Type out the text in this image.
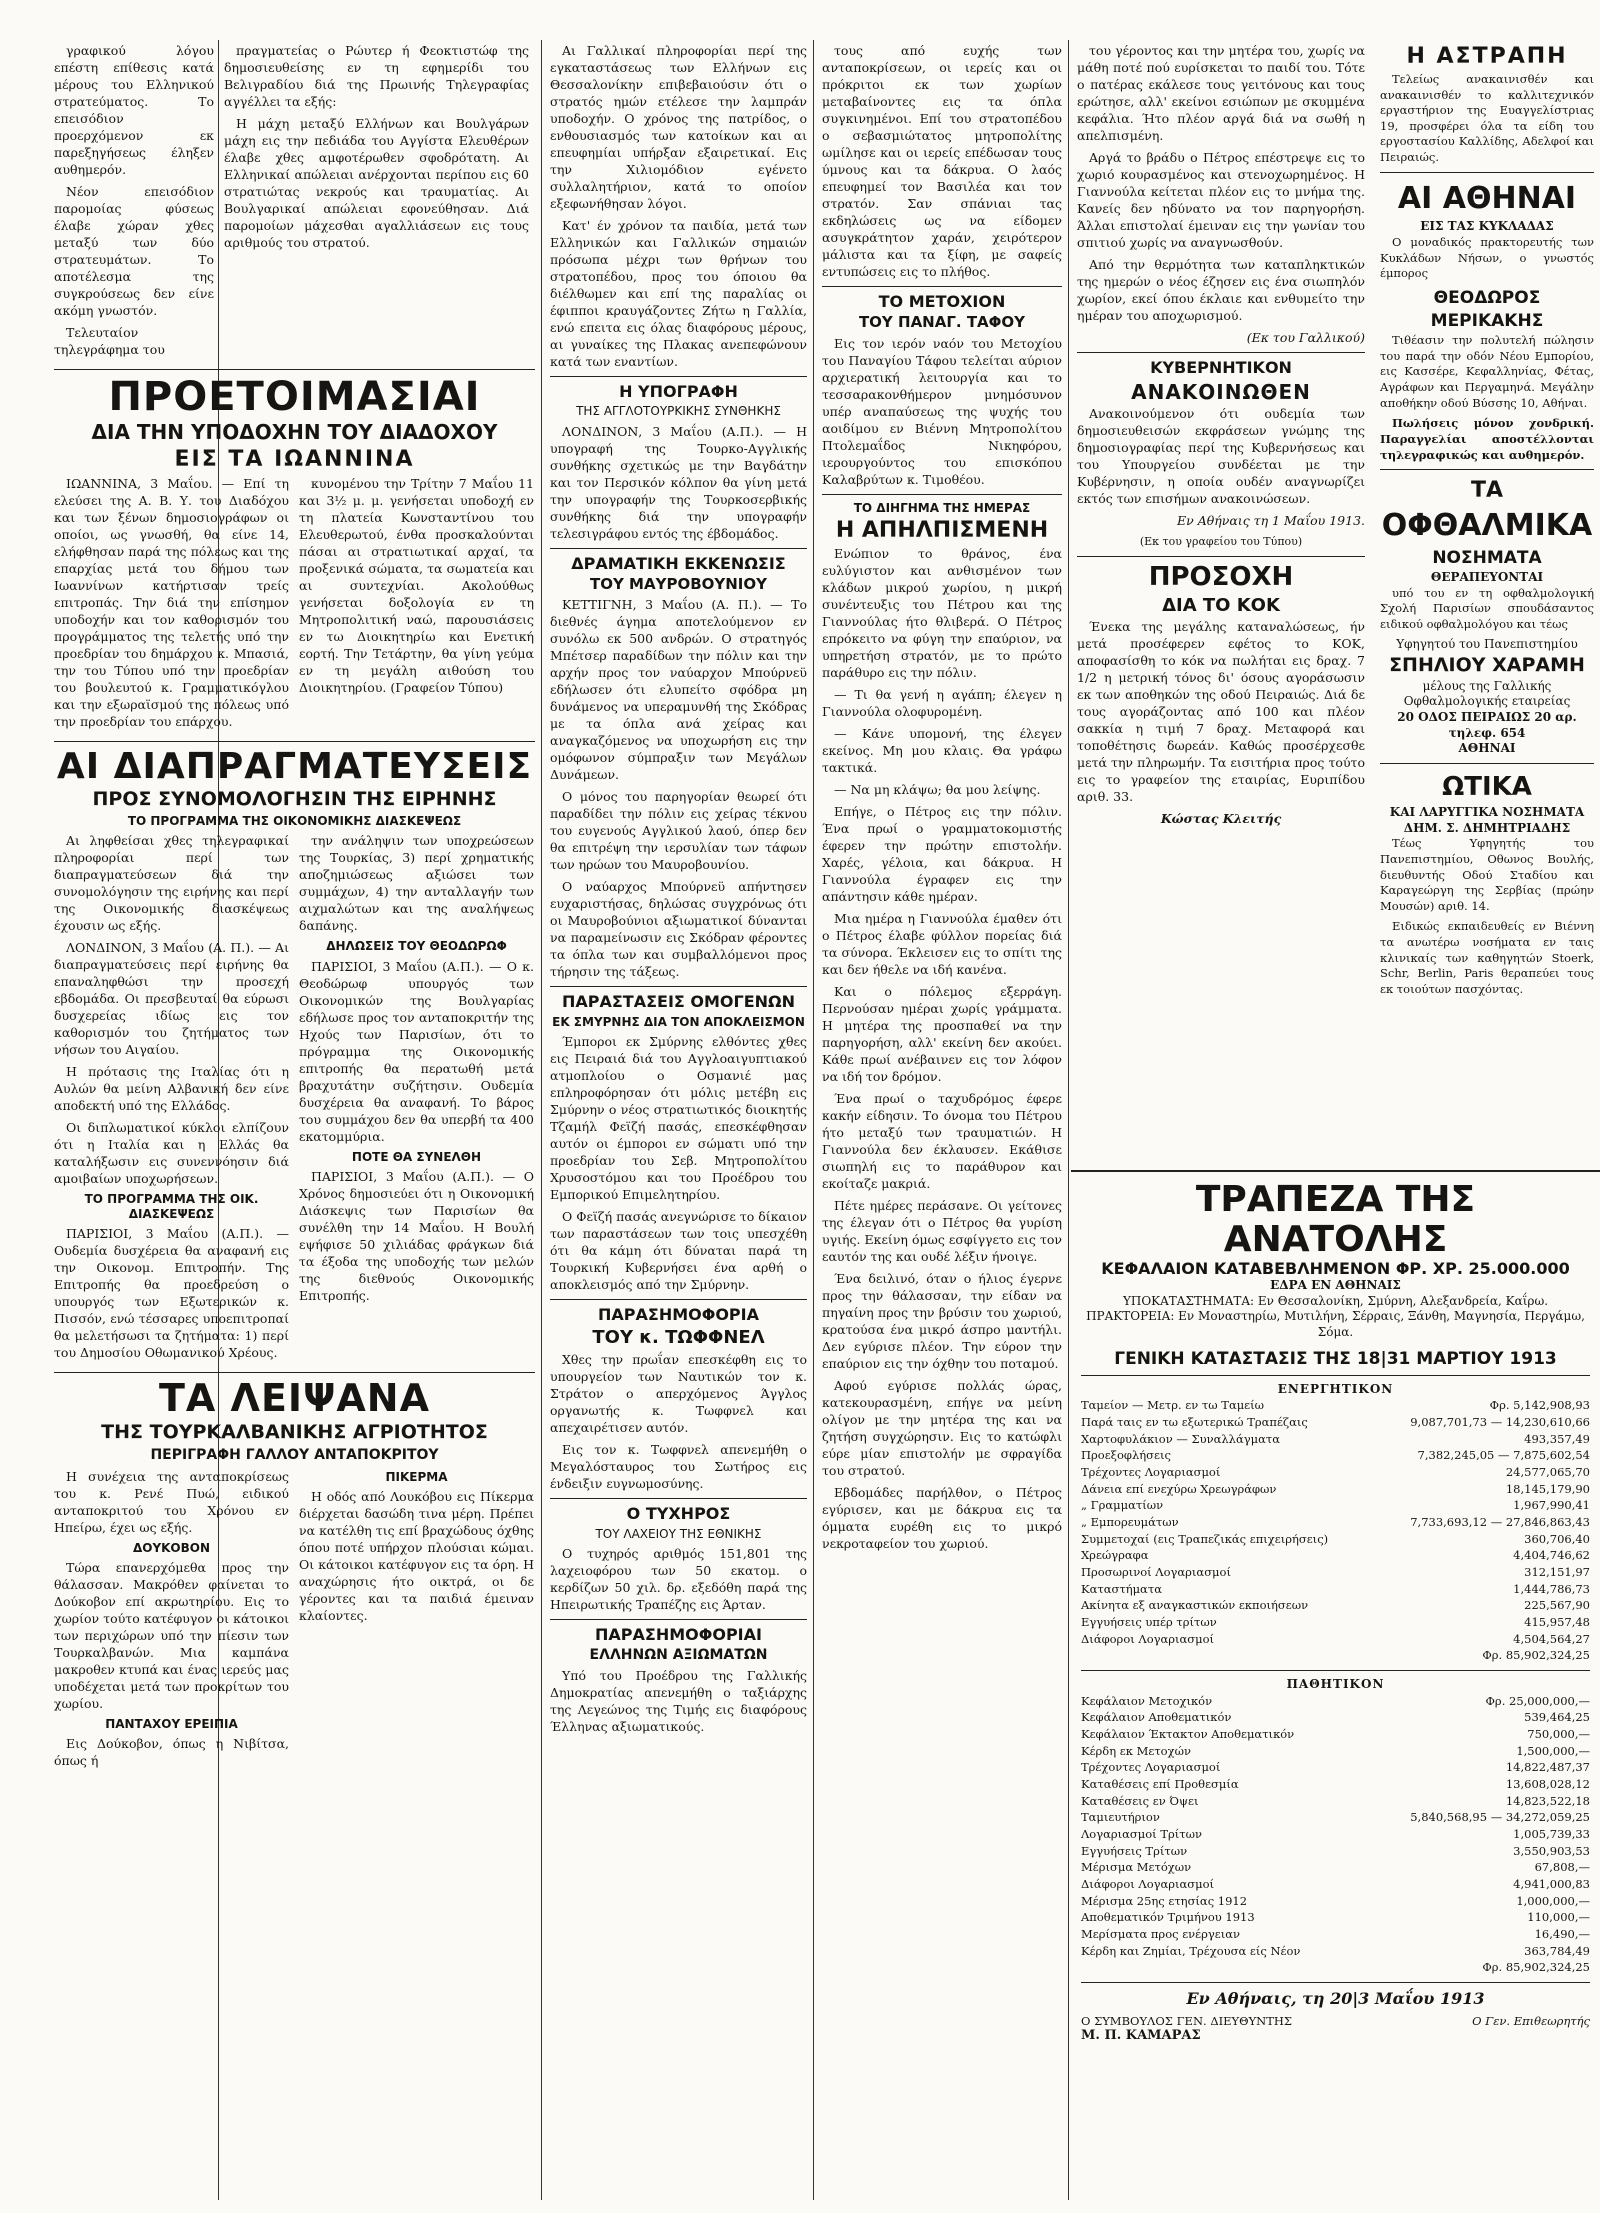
γραφικού λόγου επέστη επίθεσις κατά μέρους του Ελληνικού στρατεύματος. Το επεισόδιον προερχόμενον εκ παρεξηγήσεως έληξεν αυθημερόν.

Νέον επεισόδιον παρομοίας φύσεως έλαβε χώραν χθες μεταξύ των δύο στρατευμάτων. Το αποτέλεσμα της συγκρούσεως δεν είνε ακόμη γνωστόν.

Τελευταίον τηλεγράφημα του

πραγματείας ο Ρώυτερ ή Φεοκτιστώφ της δημοσιευθείσης εν τη εφημερίδι του Βελιγραδίου διά της Πρωινής Τηλεγραφίας αγγέλλει τα εξής:

Η μάχη μεταξύ Ελλήνων και Βουλγάρων μάχη εις την πεδιάδα του Αγγίστα Ελευθέρων έλαβε χθες αμφοτέρωθεν σφοδρότατη. Αι Ελληνικαί απώλειαι ανέρχονται περίπου εις 60 στρατιώτας νεκρούς και τραυματίας. Αι Βουλγαρικαί απώλειαι εφονεύθησαν. Διά παρομοίων μάχεσθαι αγαλλιάσεων εις τους αριθμούς του στρατού.

ΠΡΟΕΤΟΙΜΑΣΙΑΙ
ΔΙΑ ΤΗΝ ΥΠΟΔΟΧΗΝ ΤΟΥ ΔΙΑΔΟΧΟΥ
ΕΙΣ ΤΑ ΙΩΑΝΝΙΝΑ

ΙΩΑΝΝΙΝΑ, 3 Μαΐου. — Επί τη ελεύσει της Α. Β. Υ. του Διαδόχου και των ξένων δημοσιογράφων οι οποίοι, ως γνωσθή, θα είνε 14, ελήφθησαν παρά της πόλεως και της επαρχίας μετά του δήμου των Ιωαννίνων κατήρτισαν τρείς επιτροπάς. Την διά την επίσημον υποδοχήν και τον καθορισμόν του προγράμματος της τελετής υπό την προεδρίαν του δημάρχου κ. Μπασιά, την του Τύπου υπό την προεδρίαν του βουλευτού κ. Γραμματικόγλου και την εξωραϊσμού της πόλεως υπό την προεδρίαν του επάρχου.

κυνομένου την Τρίτην 7 Μαΐου 11 και 3½ μ. μ. γενήσεται υποδοχή εν τη πλατεία Κωνσταντίνου του Ελευθερωτού, ένθα προσκαλούνται πάσαι αι στρατιωτικαί αρχαί, τα προξενικά σώματα, τα σωματεία και αι συντεχνίαι. Ακολούθως γενήσεται δοξολογία εν τη Μητροπολιτική ναώ, παρουσιάσεις εν τω Διοικητηρίω και Ενετική εορτή. Την Τετάρτην, θα γίνη γεύμα εν τη μεγάλη αιθούση του Διοικητηρίου. (Γραφείον Τύπου)

ΑΙ ΔΙΑΠΡΑΓΜΑΤΕΥΣΕΙΣ
ΠΡΟΣ ΣΥΝΟΜΟΛΟΓΗΣΙΝ ΤΗΣ ΕΙΡΗΝΗΣ
ΤΟ ΠΡΟΓΡΑΜΜΑ ΤΗΣ ΟΙΚΟΝΟΜΙΚΗΣ ΔΙΑΣΚΕΨΕΩΣ

Αι ληφθείσαι χθες τηλεγραφικαί πληροφορίαι περί των διαπραγματεύσεων διά την συνομολόγησιν της ειρήνης και περί της Οικονομικής διασκέψεως έχουσιν ως εξής.

ΛΟΝΔΙΝΟΝ, 3 Μαΐου (Α. Π.). — Αι διαπραγματεύσεις περί ειρήνης θα επαναληφθώσι την προσεχή εβδομάδα. Οι πρεσβευταί θα εύρωσι δυσχερείας ιδίως εις τον καθορισμόν του ζητήματος των νήσων του Αιγαίου.

Η πρότασις της Ιταλίας ότι η Αυλών θα μείνη Αλβανική δεν είνε αποδεκτή υπό της Ελλάδος.

Οι διπλωματικοί κύκλοι ελπίζουν ότι η Ιταλία και η Ελλάς θα καταλήξωσιν εις συνεννόησιν διά αμοιβαίων υποχωρήσεων.

ΤΟ ΠΡΟΓΡΑΜΜΑ ΤΗΣ ΟΙΚ. ΔΙΑΣΚΕΨΕΩΣ

ΠΑΡΙΣΙΟΙ, 3 Μαΐου (Α.Π.). — Ουδεμία δυσχέρεια θα αναφανή εις την Οικονομ. Επιτροπήν. Της Επιτροπής θα προεδρεύση ο υπουργός των Εξωτερικών κ. Πισσόν, ενώ τέσσαρες υποεπιτροπαί θα μελετήσωσι τα ζητήματα: 1) περί του Δημοσίου Οθωμανικού Χρέους.

την ανάληψιν των υποχρεώσεων της Τουρκίας, 3) περί χρηματικής αποζημιώσεως αξιώσει των συμμάχων, 4) την ανταλλαγήν των αιχμαλώτων και της αναλήψεως δαπάνης.

ΔΗΛΩΣΕΙΣ ΤΟΥ ΘΕΟΔΩΡΩΦ

ΠΑΡΙΣΙΟΙ, 3 Μαΐου (Α.Π.). — Ο κ. Θεοδώρωφ υπουργός των Οικονομικών της Βουλγαρίας εδήλωσε προς τον ανταποκριτήν της Ηχούς των Παρισίων, ότι το πρόγραμμα της Οικονομικής επιτροπής θα περατωθή μετά βραχυτάτην συζήτησιν. Ουδεμία δυσχέρεια θα αναφανή. Το βάρος του συμμάχου δεν θα υπερβή τα 400 εκατομμύρια.

ΠΟΤΕ ΘΑ ΣΥΝΕΛΘΗ

ΠΑΡΙΣΙΟΙ, 3 Μαΐου (Α.Π.). — Ο Χρόνος δημοσιεύει ότι η Οικονομική Διάσκεψις των Παρισίων θα συνέλθη την 14 Μαΐου. Η Βουλή εψήφισε 50 χιλιάδας φράγκων διά τα έξοδα της υποδοχής των μελών της διεθνούς Οικονομικής Επιτροπής.

ΤΑ ΛΕΙΨΑΝΑ
ΤΗΣ ΤΟΥΡΚΑΛΒΑΝΙΚΗΣ ΑΓΡΙΟΤΗΤΟΣ
ΠΕΡΙΓΡΑΦΗ ΓΑΛΛΟΥ ΑΝΤΑΠΟΚΡΙΤΟΥ

Η συνέχεια της ανταποκρίσεως του κ. Ρενέ Πυώ, ειδικού ανταποκριτού του Χρόνου εν Ηπείρω, έχει ως εξής.

ΔΟΥΚΟΒΟΝ

Τώρα επανερχόμεθα προς την θάλασσαν. Μακρόθεν φαίνεται το Δούκοβον επί ακρωτηρίου. Εις το χωρίον τούτο κατέφυγον οι κάτοικοι των περιχώρων υπό την πίεσιν των Τουρκαλβανών. Μια καμπάνα μακροθεν κτυπά και ένας ιερεύς μας υποδέχεται μετά των προκρίτων του χωρίου.

ΠΑΝΤΑΧΟΥ ΕΡΕΙΠΙΑ

Εις Δούκοβον, όπως η Νιβίτσα, όπως ή

ΠΙΚΕΡΜΑ

Η οδός από Λουκόβου εις Πίκερμα διέρχεται δασώδη τινα μέρη. Πρέπει να κατέλθη τις επί βραχώδους όχθης όπου ποτέ υπήρχον πλούσιαι κώμαι. Οι κάτοικοι κατέφυγον εις τα όρη. Η αναχώρησις ήτο οικτρά, οι δε γέροντες και τα παιδιά έμειναν κλαίοντες.

Αι Γαλλικαί πληροφορίαι περί της εγκαταστάσεως των Ελλήνων εις Θεσσαλονίκην επιβεβαιούσιν ότι ο στρατός ημών ετέλεσε την λαμπράν υποδοχήν. Ο χρόνος της πατρίδος, ο ενθουσιασμός των κατοίκων και αι επευφημίαι υπήρξαν εξαιρετικαί. Εις την Χιλιομόδιον εγένετο συλλαλητήριον, κατά το οποίον εξεφωνήθησαν λόγοι.

Κατ' έν χρόνον τα παιδία, μετά των Ελληνικών και Γαλλικών σημαιών πρόσωπα μέχρι των θρήνων του στρατοπέδου, προς του όποιου θα διέλθωμεν και επί της παραλίας οι έφιπποι κραυγάζοντες Ζήτω η Γαλλία, ενώ επειτα εις όλας διαφόρους μέρους, αι γυναίκες της Πλακας ανεπεφώνουν κατά των εναντίων.

Η ΥΠΟΓΡΑΦΗ
ΤΗΣ ΑΓΓΛΟΤΟΥΡΚΙΚΗΣ ΣΥΝΘΗΚΗΣ

ΛΟΝΔΙΝΟΝ, 3 Μαΐου (Α.Π.). — Η υπογραφή της Τουρκο-Αγγλικής συνθήκης σχετικώς με την Βαγδάτην και τον Περσικόν κόλπον θα γίνη μετά την υπογραφήν της Τουρκοσερβικής συνθήκης διά την υπογραφήν τελεσιγράφου εντός της έβδομάδος.

ΔΡΑΜΑΤΙΚΗ ΕΚΚΕΝΩΣΙΣ
ΤΟΥ ΜΑΥΡΟΒΟΥΝΙΟΥ

ΚΕΤΤΙΓΝΗ, 3 Μαΐου (Α. Π.). — Το διεθνές άγημα αποτελούμενον εν συνόλω εκ 500 ανδρών. Ο στρατηγός Μπέτσερ παραδίδων την πόλιν και την αρχήν προς τον ναύαρχον Μπούρνεϋ εδήλωσεν ότι ελυπείτο σφόδρα μη δυνάμενος να υπεραμυνθή της Σκόδρας με τα όπλα ανά χείρας και αναγκαζόμενος να υποχωρήση εις την ομόφωνον σύμπραξιν των Μεγάλων Δυνάμεων.

Ο μόνος του παρηγορίαν θεωρεί ότι παραδίδει την πόλιν εις χείρας τέκνου του ευγενούς Αγγλικού λαού, όπερ δεν θα επιτρέψη την ιερσυλίαν των τάφων των ηρώων του Μαυροβουνίου.

Ο ναύαρχος Μπούρνεϋ απήντησεν ευχαριστήσας, δηλώσας συγχρόνως ότι οι Μαυροβούνιοι αξιωματικοί δύνανται να παραμείνωσιν εις Σκόδραν φέροντες τα όπλα των και συμβαλλόμενοι προς τήρησιν της τάξεως.

ΠΑΡΑΣΤΑΣΕΙΣ ΟΜΟΓΕΝΩΝ
ΕΚ ΣΜΥΡΝΗΣ ΔΙΑ ΤΟΝ ΑΠΟΚΛΕΙΣΜΟΝ

Έμποροι εκ Σμύρνης ελθόντες χθες εις Πειραιά διά του Αγγλοαιγυπτιακού ατμοπλοίου ο Οσμανιέ μας επληροφόρησαν ότι μόλις μετέβη εις Σμύρνην ο νέος στρατιωτικός διοικητής Τζαμήλ Φεϊζή πασάς, επεσκέφθησαν αυτόν οι έμποροι εν σώματι υπό την προεδρίαν του Σεβ. Μητροπολίτου Χρυσοστόμου και του Προέδρου του Εμπορικού Επιμελητηρίου.

Ο Φεϊζή πασάς ανεγνώρισε το δίκαιον των παραστάσεων των τοις υπεσχέθη ότι θα κάμη ότι δύναται παρά τη Τουρκική Κυβερνήσει ένα αρθή ο αποκλεισμός από την Σμύρνην.

ΠΑΡΑΣΗΜΟΦΟΡΙΑ
ΤΟΥ κ. ΤΩΦΦΝΕΛ

Χθες την πρωΐαν επεσκέφθη εις το υπουργείον των Ναυτικών τον κ. Στράτον ο απερχόμενος Άγγλος οργανωτής κ. Τωφφνελ και απεχαιρέτισεν αυτόν.

Εις τον κ. Τωφφνελ απενεμήθη ο Μεγαλόσταυρος του Σωτήρος εις ένδειξιν ευγνωμοσύνης.

Ο ΤΥΧΗΡΟΣ
ΤΟΥ ΛΑΧΕΙΟΥ ΤΗΣ ΕΘΝΙΚΗΣ

Ο τυχηρός αριθμός 151,801 της λαχειοφόρου των 50 εκατομ. ο κερδίζων 50 χιλ. δρ. εξεδόθη παρά της Ηπειρωτικής Τραπέζης εις Άρταν.

ΠΑΡΑΣΗΜΟΦΟΡΙΑΙ
ΕΛΛΗΝΩΝ ΑΞΙΩΜΑΤΩΝ

Υπό του Προέδρου της Γαλλικής Δημοκρατίας απενεμήθη ο ταξιάρχης της Λεγεώνος της Τιμής εις διαφόρους Έλληνας αξιωματικούς.

τους από ευχής των ανταποκρίσεων, οι ιερείς και οι πρόκριτοι εκ των χωρίων μεταβαίνοντες εις τα όπλα συγκινημένοι. Επί του στρατοπέδου ο σεβασμιώτατος μητροπολίτης ωμίλησε και οι ιερείς επέδωσαν τους ύμνους και τα δάκρυα. Ο λαός επευφημεί τον Βασιλέα και τον στρατόν. Σαν σπάνιαι τας εκδηλώσεις ως να είδομεν ασυγκράτητον χαράν, χειρότερον μάλιστα και τα ξίφη, με σαφείς εντυπώσεις εις το πλήθος.

ΤΟ ΜΕΤΟΧΙΟΝ
ΤΟΥ ΠΑΝΑΓ. ΤΑΦΟΥ

Εις τον ιερόν ναόν του Μετοχίου του Παναγίου Τάφου τελείται αύριον αρχιερατική λειτουργία και το τεσσαρακονθήμερον μνημόσυνον υπέρ αναπαύσεως της ψυχής του αοιδίμου εν Βιέννη Μητροπολίτου Πτολεμαΐδος Νικηφόρου, ιερουργούντος του επισκόπου Καλαβρύτων κ. Τιμοθέου.

ΤΟ ΔΙΗΓΗΜΑ ΤΗΣ ΗΜΕΡΑΣ
Η ΑΠΗΛΠΙΣΜΕΝΗ

Ενώπιον το θράνος, ένα ευλύγιστον και ανθισμένον των κλάδων μικρού χωρίου, η μικρή συνέντευξις του Πέτρου και της Γιαννούλας ήτο θλιβερά. Ο Πέτρος επρόκειτο να φύγη την επαύριον, να υπηρετήση στρατόν, με το πρώτο παράθυρο εις την πόλιν.

— Τι θα γενή η αγάπη; έλεγεν η Γιαννούλα ολοφυρομένη.

— Κάνε υπομονή, της έλεγεν εκείνος. Μη μου κλαις. Θα γράφω τακτικά.

— Να μη κλάψω; θα μου λείψης.

Επήγε, ο Πέτρος εις την πόλιν. Ένα πρωί ο γραμματοκομιστής έφερεν την πρώτην επιστολήν. Χαρές, γέλοια, και δάκρυα. Η Γιαννούλα έγραφεν εις την απάντησιν κάθε ημέραν.

Μια ημέρα η Γιαννούλα έμαθεν ότι ο Πέτρος έλαβε φύλλον πορείας διά τα σύνορα. Έκλεισεν εις το σπίτι της και δεν ήθελε να ιδή κανένα.

Και ο πόλεμος εξερράγη. Περνούσαν ημέραι χωρίς γράμματα. Η μητέρα της προσπαθεί να την παρηγορήση, αλλ' εκείνη δεν ακούει. Κάθε πρωί ανέβαινεν εις τον λόφον να ιδή τον δρόμον.

Ένα πρωί ο ταχυδρόμος έφερε κακήν είδησιν. Το όνομα του Πέτρου ήτο μεταξύ των τραυματιών. Η Γιαννούλα δεν έκλαυσεν. Εκάθισε σιωπηλή εις το παράθυρον και εκοίταζε μακριά.

Πέτε ημέρες περάσανε. Οι γείτονες της έλεγαν ότι ο Πέτρος θα γυρίση υγιής. Εκείνη όμως εσφίγγετο εις τον εαυτόν της και ουδέ λέξιν ήνοιγε.

Ένα δειλινό, όταν ο ήλιος έγερνε προς την θάλασσαν, την είδαν να πηγαίνη προς την βρύσιν του χωριού, κρατούσα ένα μικρό άσπρο μαντήλι. Δεν εγύρισε πλέον. Την εύρον την επαύριον εις την όχθην του ποταμού.

Αφού εγύρισε πολλάς ώρας, κατεκουρασμένη, επήγε να μείνη ολίγον με την μητέρα της και να ζητήση συγχώρησιν. Εις το κατώφλι εύρε μίαν επιστολήν με σφραγίδα του στρατού.

Εβδομάδες παρήλθον, ο Πέτρος εγύρισεν, και με δάκρυα εις τα όμματα ευρέθη εις το μικρό νεκροταφείον του χωριού.

του γέροντος και την μητέρα του, χωρίς να μάθη ποτέ πού ευρίσκεται το παιδί του. Τότε ο πατέρας εκάλεσε τους γειτόνους και τους ερώτησε, αλλ' εκείνοι εσιώπων με σκυμμένα κεφάλια. Ήτο πλέον αργά διά να σωθή η απελπισμένη.

Αργά το βράδυ ο Πέτρος επέστρεψε εις το χωριό κουρασμένος και στενοχωρημένος. Η Γιαννούλα κείτεται πλέον εις το μνήμα της. Κανείς δεν ηδύνατο να τον παρηγορήση. Άλλαι επιστολαί έμειναν εις την γωνίαν του σπιτιού χωρίς να αναγνωσθούν.

Από την θερμότητα των καταπληκτικών της ημερών ο νέος έζησεν εις ένα σιωπηλόν χωρίον, εκεί όπου έκλαιε και ενθυμείτο την ημέραν του αποχωρισμού.

(Εκ του Γαλλικού)
ΚΥΒΕΡΝΗΤΙΚΟΝ
ΑΝΑΚΟΙΝΩΘΕΝ

Ανακοινούμενον ότι ουδεμία των δημοσιευθεισών εκφράσεων γνώμης της δημοσιογραφίας περί της Κυβερνήσεως και του Υπουργείου συνδέεται με την Κυβέρνησιν, η οποία ουδέν αναγνωρίζει εκτός των επισήμων ανακοινώσεων.

Εν Αθήναις τη 1 Μαΐου 1913.
(Εκ του γραφείου του Τύπου)
ΠΡΟΣΟΧΗ
ΔΙΑ ΤΟ ΚΟΚ

Ένεκα της μεγάλης καταναλώσεως, ήν μετά προσέφερεν εφέτος το ΚΟΚ, αποφασίσθη το κόκ να πωλήται εις δραχ. 7 1/2 η μετρική τόνος δι' όσους αγοράσωσιν εκ των αποθηκών της οδού Πειραιώς. Διά δε τους αγοράζοντας από 100 και πλέον σακκία η τιμή 7 δραχ. Μεταφορά και τοποθέτησις δωρεάν. Καθώς προσέρχεσθε μετά την πληρωμήν. Τα εισιτήρια προς τούτο εις το γραφείον της εταιρίας, Ευριπίδου αριθ. 33.

Κώστας Κλειτής
Η ΑΣΤΡΑΠΗ

Τελείως ανακαινισθέν και ανακαινισθέν το καλλιτεχνικόν εργαστήριον της Ευαγγελίστριας 19, προσφέρει όλα τα είδη του εργοστασίου Καλλίδης, Αδελφοί και Πειραιώς.

ΑΙ ΑΘΗΝΑΙ
ΕΙΣ ΤΑΣ ΚΥΚΛΑΔΑΣ

Ο μοναδικός πρακτορευτής των Κυκλάδων Νήσων, ο γνωστός έμπορος

ΘΕΟΔΩΡΟΣ ΜΕΡΙΚΑΚΗΣ

Τιθέασιν την πολυτελή πώλησιν του παρά την οδόν Νέου Εμπορίου, εις Κασσέρε, Κεφαλληνίας, Φέτας, Αγράφων και Περγαμηνά. Μεγάλην αποθήκην οδού Βύσσης 10, Αθήναι.

Πωλήσεις μόνον χονδρική. Παραγγελίαι αποστέλλονται τηλεγραφικώς και αυθημερόν.

ΤΑ
ΟΦΘΑΛΜΙΚΑ
ΝΟΣΗΜΑΤΑ
ΘΕΡΑΠΕΥΟΝΤΑΙ

υπό του εν τη οφθαλμολογική Σχολή Παρισίων σπουδάσαντος ειδικού οφθαλμολόγου και τέως

Υφηγητού του Πανεπιστημίου
ΣΠΗΛΙΟΥ ΧΑΡΑΜΗ
μέλους της Γαλλικής Οφθαλμολογικής εταιρείας
20 ΟΔΟΣ ΠΕΙΡΑΙΩΣ 20 αρ. τηλεφ. 654
ΑΘΗΝΑΙ
ΩΤΙΚΑ
ΚΑΙ ΛΑΡΥΓΓΙΚΑ ΝΟΣΗΜΑΤΑ
ΔΗΜ. Σ. ΔΗΜΗΤΡΙΑΔΗΣ

Τέως Υφηγητής του Πανεπιστημίου, Οθωνος Βουλής, διευθυντής Οδού Σταδίου και Καραγεώργη της Σερβίας (πρώην Μουσών) αριθ. 14.

Ειδικώς εκπαιδευθείς εν Βιέννη τα ανωτέρω νοσήματα εν ταις κλινικαίς των καθηγητών Stoerk, Schr, Berlin, Paris θεραπεύει τους εκ τοιούτων πασχόντας.

ΤΡΑΠΕΖΑ ΤΗΣ ΑΝΑΤΟΛΗΣ
ΚΕΦΑΛΑΙΟΝ ΚΑΤΑΒΕΒΛΗΜΕΝΟΝ ΦΡ. ΧΡ. 25.000.000
ΕΔΡΑ ΕΝ ΑΘΗΝΑΙΣ
ΥΠΟΚΑΤΑΣΤΗΜΑΤΑ: Εν Θεσσαλονίκη, Σμύρνη, Αλεξανδρεία, Καΐρω.
ΠΡΑΚΤΟΡΕΙΑ: Εν Μοναστηρίω, Μυτιλήνη, Σέρραις, Ξάνθη, Μαγνησία, Περγάμω, Σόμα.
ΓΕΝΙΚΗ ΚΑΤΑΣΤΑΣΙΣ ΤΗΣ 18|31 ΜΑΡΤΙΟΥ 1913
ΕΝΕΡΓΗΤΙΚΟΝ
Ταμείον — Μετρ. εν τω Ταμείω	Φρ. 5,142,908,93
Παρά ταις εν τω εξωτερικώ Τραπέζαις	9,087,701,73 — 14,230,610,66
Χαρτοφυλάκιον — Συναλλάγματα	493,357,49
Προεξοφλήσεις	7,382,245,05 — 7,875,602,54
Τρέχοντες Λογαριασμοί	24,577,065,70
Δάνεια επί ενεχύρω Χρεωγράφων	18,145,179,90
„ Γραμματίων	1,967,990,41
„ Εμπορευμάτων	7,733,693,12 — 27,846,863,43
Συμμετοχαί (εις Τραπεζικάς επιχειρήσεις)	360,706,40
Χρεώγραφα	4,404,746,62
Προσωρινοί Λογαριασμοί	312,151,97
Καταστήματα	1,444,786,73
Ακίνητα εξ αναγκαστικών εκποιήσεων	225,567,90
Εγγυήσεις υπέρ τρίτων	415,957,48
Διάφοροι Λογαριασμοί	4,504,564,27
Φρ. 85,902,324,25
ΠΑΘΗΤΙΚΟΝ
Κεφάλαιον Μετοχικόν	Φρ. 25,000,000,—
Κεφάλαιον Αποθεματικόν	539,464,25
Κεφάλαιον Έκτακτον Αποθεματικόν	750,000,—
Κέρδη εκ Μετοχών	1,500,000,—
Τρέχοντες Λογαριασμοί	14,822,487,37
Καταθέσεις επί Προθεσμία	13,608,028,12
Καταθέσεις εν Όψει	14,823,522,18
Ταμιευτήριον	5,840,568,95 — 34,272,059,25
Λογαριασμοί Τρίτων	1,005,739,33
Εγγυήσεις Τρίτων	3,550,903,53
Μέρισμα Μετόχων	67,808,—
Διάφοροι Λογαριασμοί	4,941,000,83
Μέρισμα 25ης ετησίας 1912	1,000,000,—
Αποθεματικόν Τριμήνου 1913	110,000,—
Μερίσματα προς ενέργειαν	16,490,—
Κέρδη και Ζημίαι, Τρέχουσα είς Νέον	363,784,49
Φρ. 85,902,324,25
Εν Αθήναις, τη 20|3 Μαΐου 1913
Ο ΣΥΜΒΟΥΛΟΣ ΓΕΝ. ΔΙΕΥΘΥΝΤΗΣ
Μ. Π. ΚΑΜΑΡΑΣ
Ο Γεν. Επιθεωρητής
